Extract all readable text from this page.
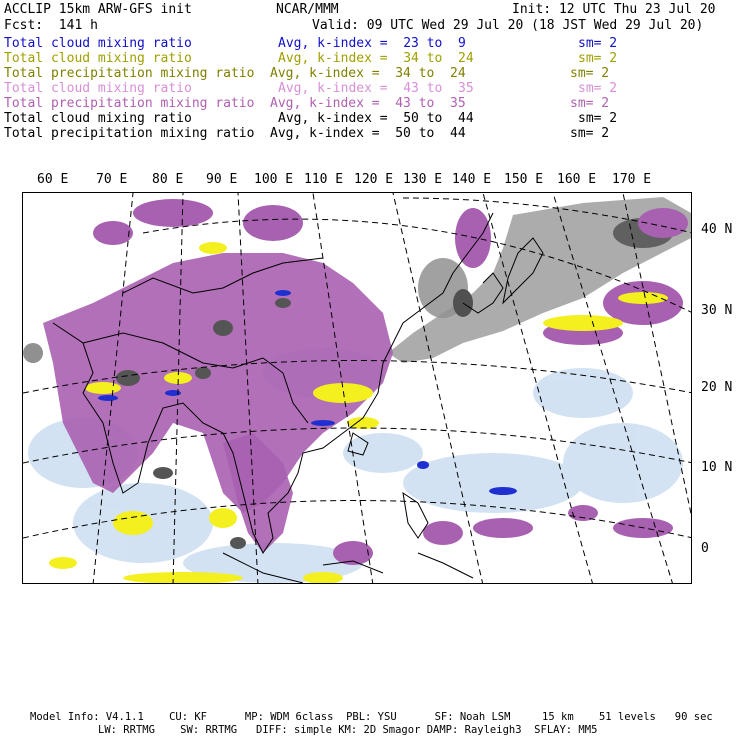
ACCLIP 15km ARW-GFS init	NCAR/MMM	Init: 12 UTC Thu 23 Jul 20
Fcst:  141 h	Valid: 09 UTC Wed 29 Jul 20 (18 JST Wed 29 Jul 20)
Total cloud mixing ratio	Avg, k-index =  23 to  9	sm= 2
Total cloud mixing ratio	Avg, k-index =  34 to  24	sm= 2
Total precipitation mixing ratio Avg, k-index =  34 to  24	sm= 2
Total cloud mixing ratio	Avg, k-index =  43 to  35	sm= 2
Total precipitation mixing ratio Avg, k-index =  43 to  35	sm= 2
Total cloud mixing ratio	Avg, k-index =  50 to  44	sm= 2
Total precipitation mixing ratio Avg, k-index =  50 to  44	sm= 2
60 E 70 E 80 E 90 E 100 E 110 E 120 E 130 E 140 E 150 E 160 E 170 E
40 N
30 N
20 N
10 N
0
Model Info: V4.1.1    CU: KF      MP: WDM 6class  PBL: YSU      SF: Noah LSM     15 km    51 levels   90 sec
LW: RRTMG    SW: RRTMG   DIFF: simple KM: 2D Smagor DAMP: Rayleigh3  SFLAY: MM5
